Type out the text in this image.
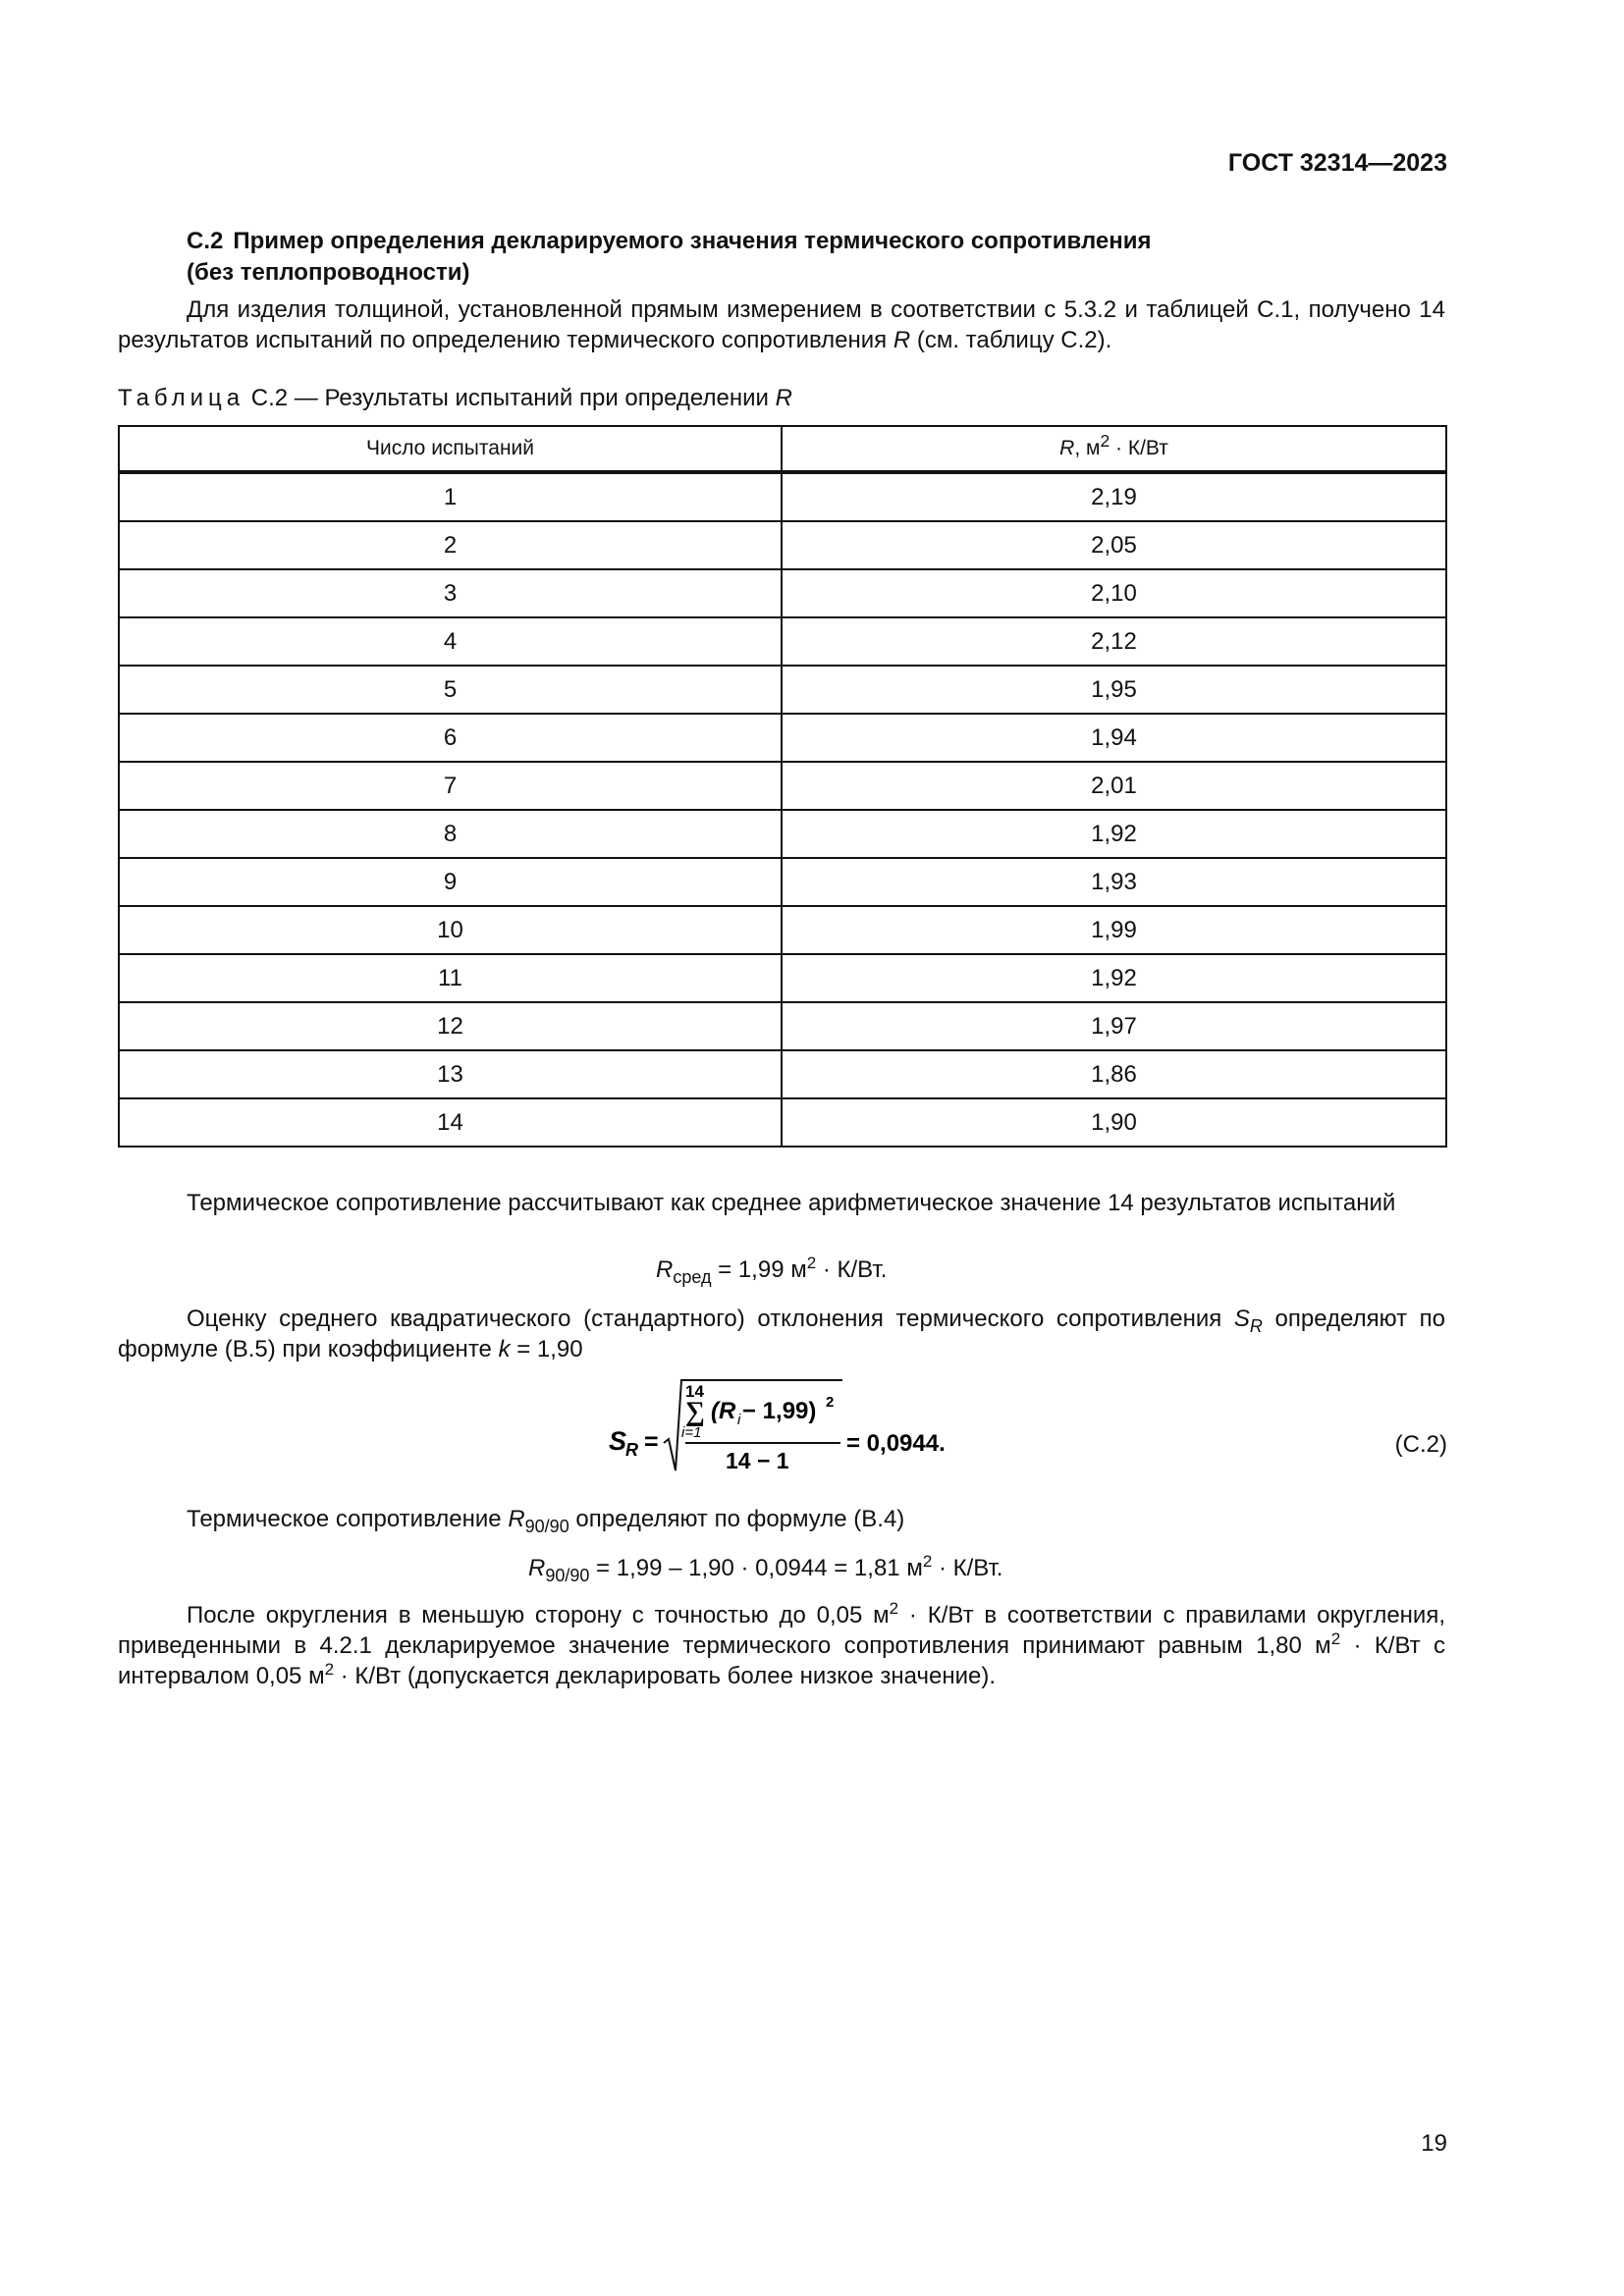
ГОСТ 32314—2023
С.2 Пример определения декларируемого значения термического сопротивления
(без теплопроводности)
Для изделия толщиной, установленной прямым измерением в соответствии с 5.3.2 и таблицей С.1, получено 14 результатов испытаний по определению термического сопротивления R (см. таблицу С.2).
Таблица С.2 — Результаты испытаний при определении R
Число испытаний	R, $м^2 \cdot К/Вт$
1	2,19
2	2,05
3	2,10
4	2,12
5	1,95
6	1,94
7	2,01
8	1,92
9	1,93
10	1,99
11	1,92
12	1,97
13	1,86
14	1,90
Термическое сопротивление рассчитывают как среднее арифметическое значение 14 результатов испытаний
$R_{сред} = 1,99$ $м^2 \cdot К/Вт$.
Оценку среднего квадратического (стандартного) отклонения термического сопротивления $S_R$ определяют по формуле (В.5) при коэффициенте k = 1,90
S
R =
14
∑
i=1
(R i − 1,99) 2
14 − 1
= 0,0944.	(С.2)
Термическое сопротивление $R_{90/90}$ определяют по формуле (В.4)
$R_{90/90} = 1,99 - 1,90 \cdot 0,0944 = 1,81$ $м^2 \cdot К/Вт$.
После округления в меньшую сторону с точностью до 0,05 $м^2 \cdot К/Вт$ в соответствии с правилами округления, приведенными в 4.2.1 декларируемое значение термического сопротивления принимают равным 1,80 $м^2 \cdot К/Вт$ с интервалом 0,05 $м^2 \cdot К/Вт$ (допускается декларировать более низкое значение).
19
